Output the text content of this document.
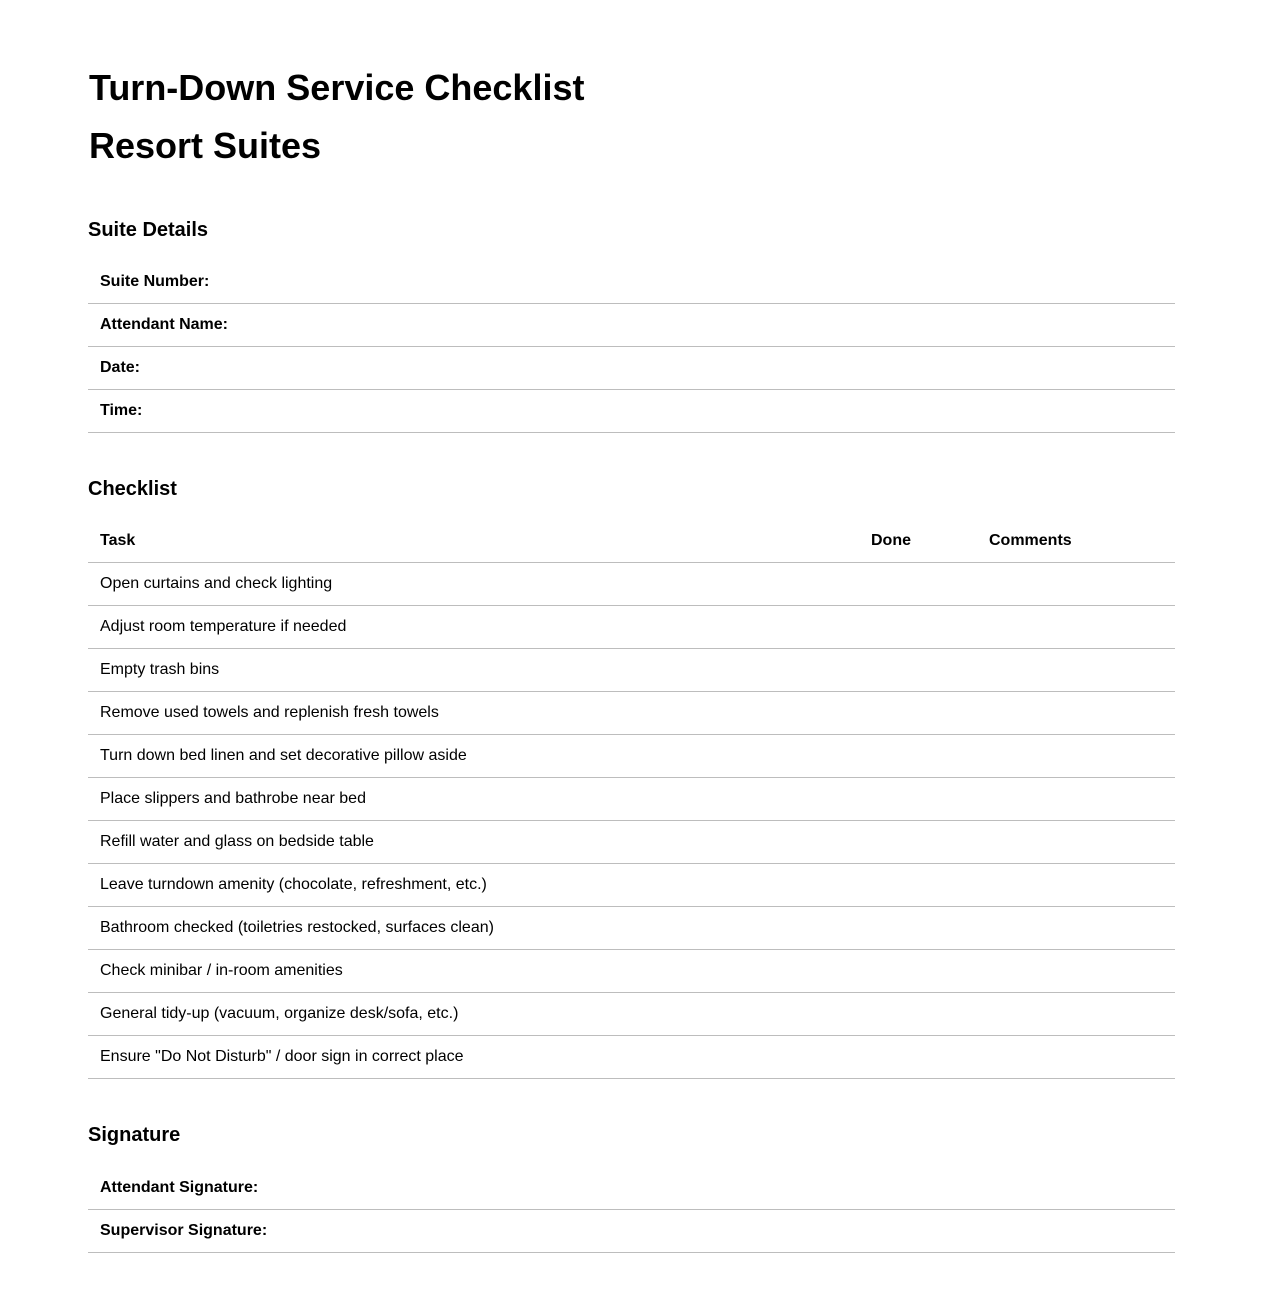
Turn-Down Service Checklist
Resort Suites
Suite Details
Suite Number:	
Attendant Name:	
Date:	
Time:	
Checklist
Task	Done	Comments
Open curtains and check lighting		
Adjust room temperature if needed		
Empty trash bins		
Remove used towels and replenish fresh towels		
Turn down bed linen and set decorative pillow aside		
Place slippers and bathrobe near bed		
Refill water and glass on bedside table		
Leave turndown amenity (chocolate, refreshment, etc.)		
Bathroom checked (toiletries restocked, surfaces clean)		
Check minibar / in-room amenities		
General tidy-up (vacuum, organize desk/sofa, etc.)		
Ensure "Do Not Disturb" / door sign in correct place		
Signature
Attendant Signature:	
Supervisor Signature:	
